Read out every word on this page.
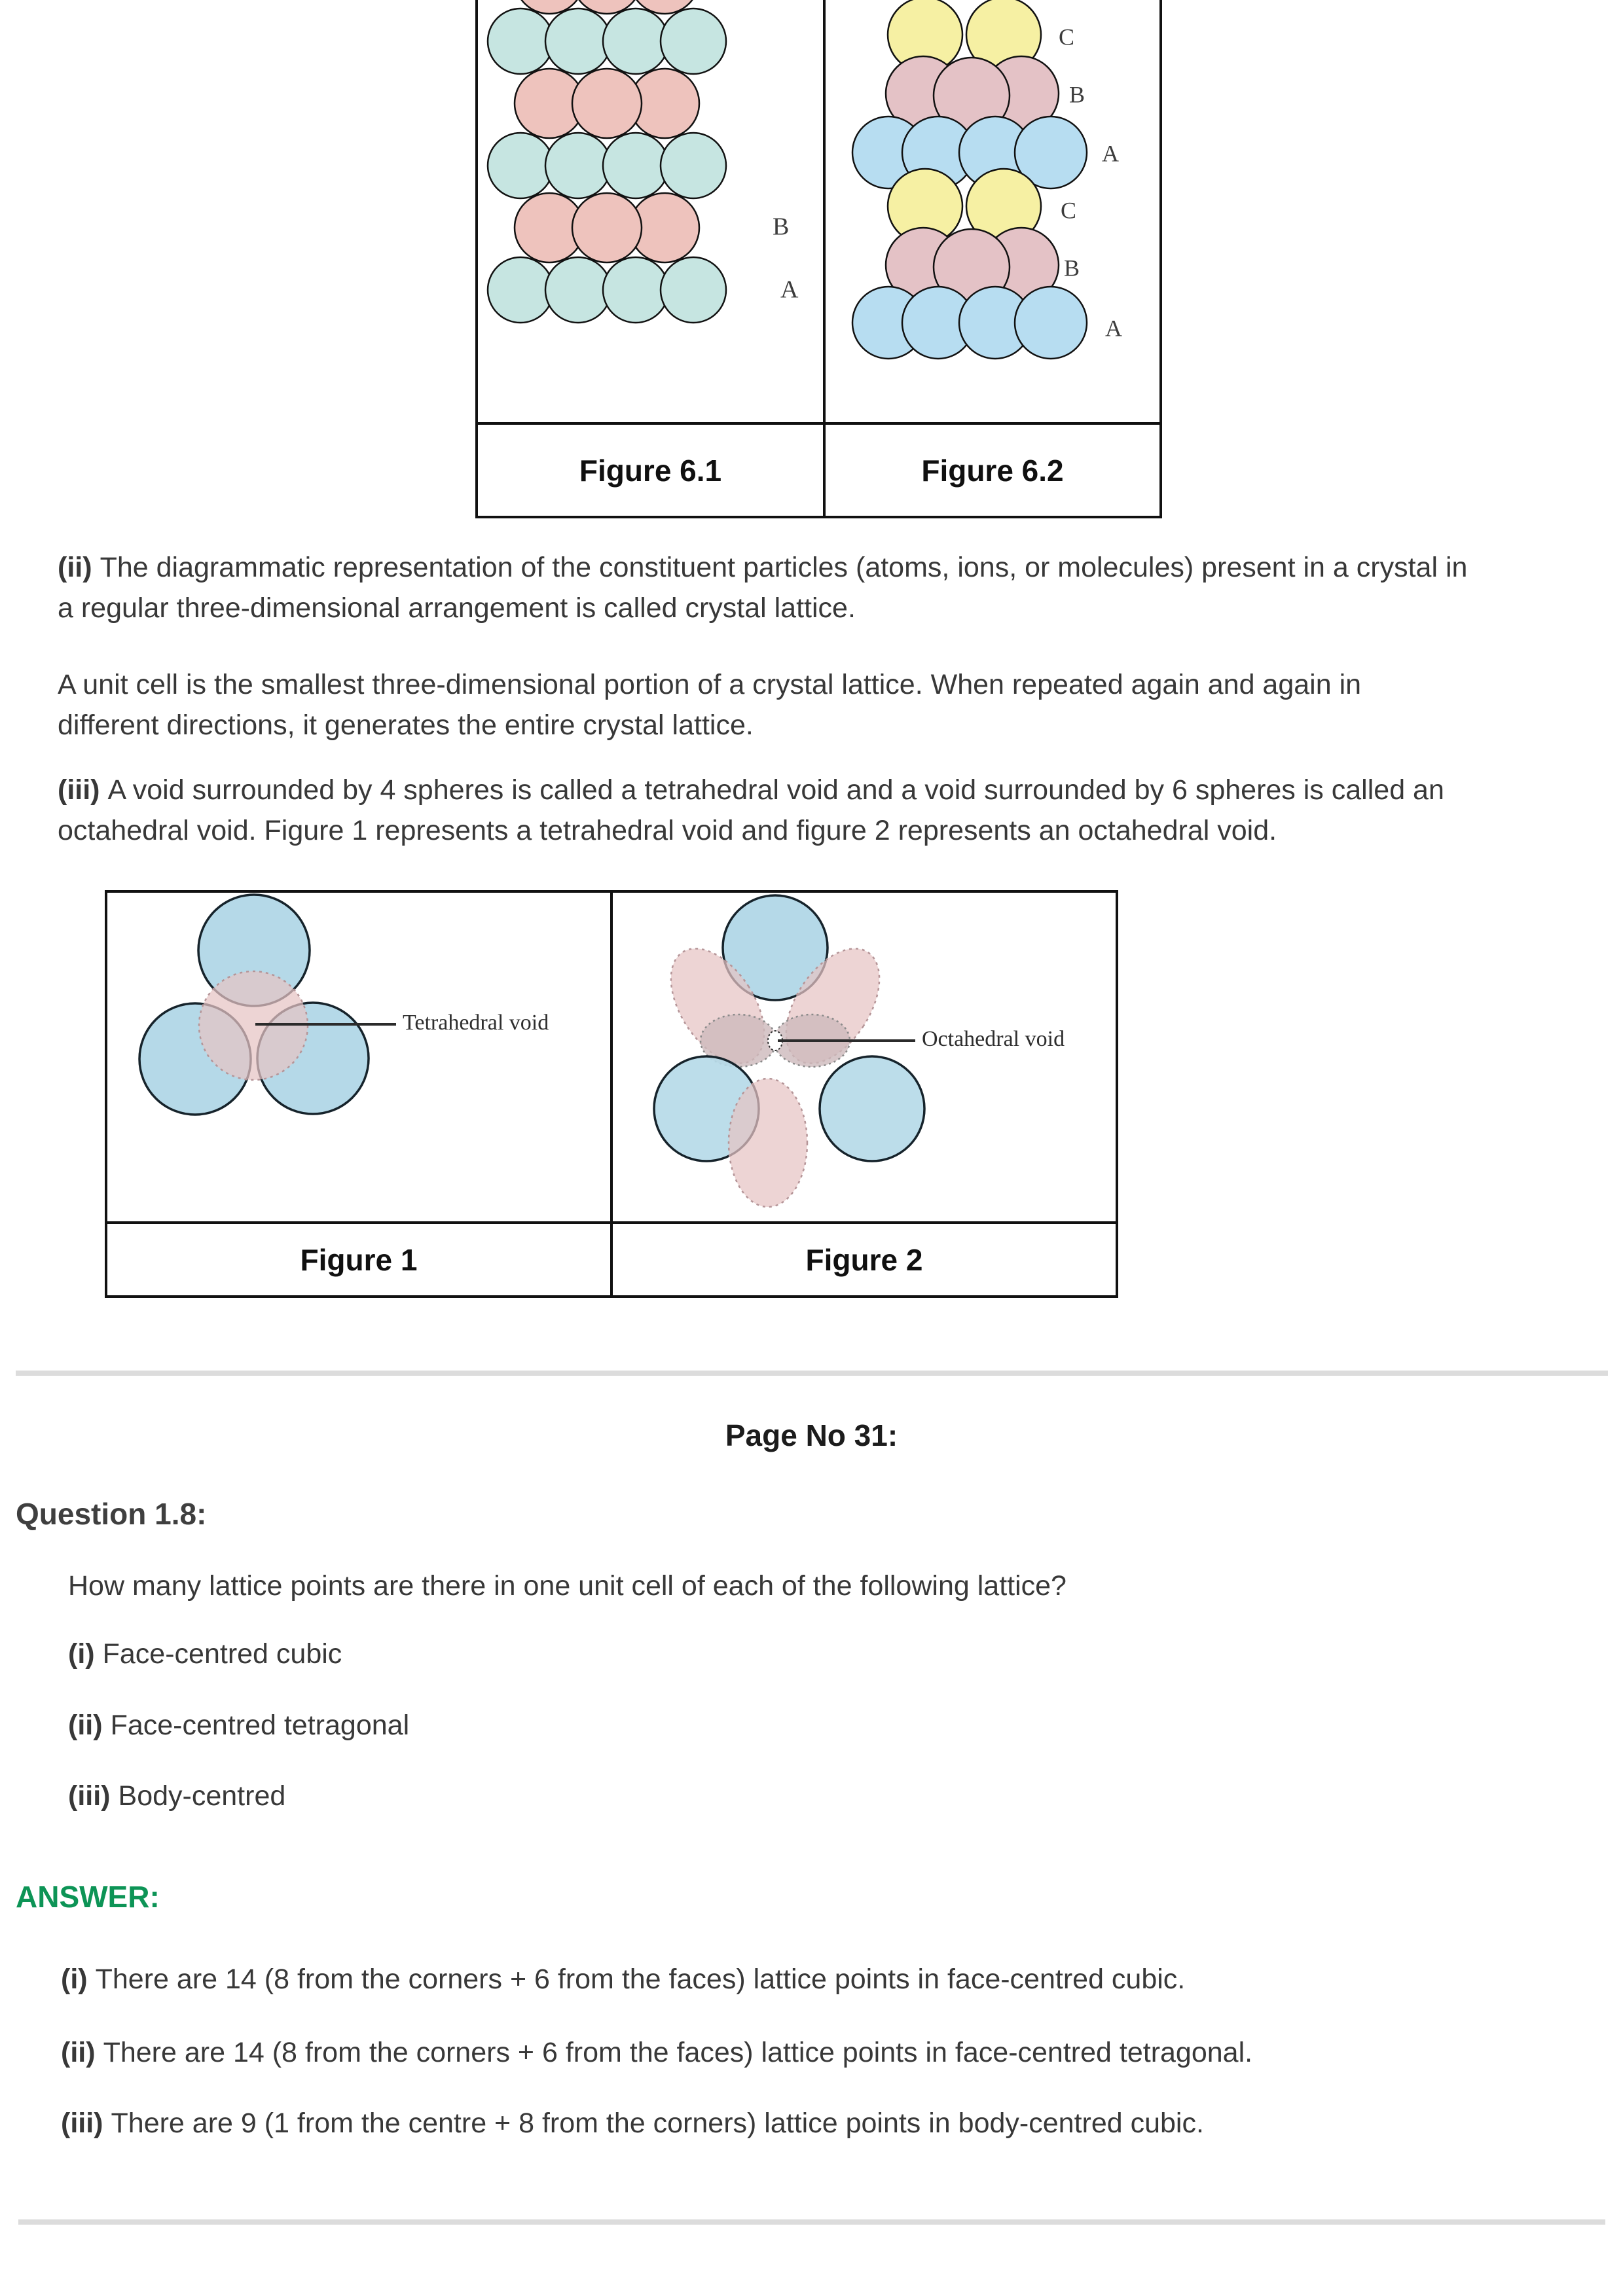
B
A
C
B
A
C
B
A
Figure 6.1	Figure 6.2
(ii) The diagrammatic representation of the constituent particles (atoms, ions, or molecules) present in a crystal in
a regular three-dimensional arrangement is called crystal lattice.
A unit cell is the smallest three-dimensional portion of a crystal lattice. When repeated again and again in
different directions, it generates the entire crystal lattice.
(iii) A void surrounded by 4 spheres is called a tetrahedral void and a void surrounded by 6 spheres is called an
octahedral void. Figure 1 represents a tetrahedral void and figure 2 represents an octahedral void.
Tetrahedral void
Octahedral void
Figure 1	Figure 2
Page No 31:
Question 1.8:
How many lattice points are there in one unit cell of each of the following lattice?
(i) Face-centred cubic
(ii) Face-centred tetragonal
(iii) Body-centred
ANSWER:
(i) There are 14 (8 from the corners + 6 from the faces) lattice points in face-centred cubic.
(ii) There are 14 (8 from the corners + 6 from the faces) lattice points in face-centred tetragonal.
(iii) There are 9 (1 from the centre + 8 from the corners) lattice points in body-centred cubic.
